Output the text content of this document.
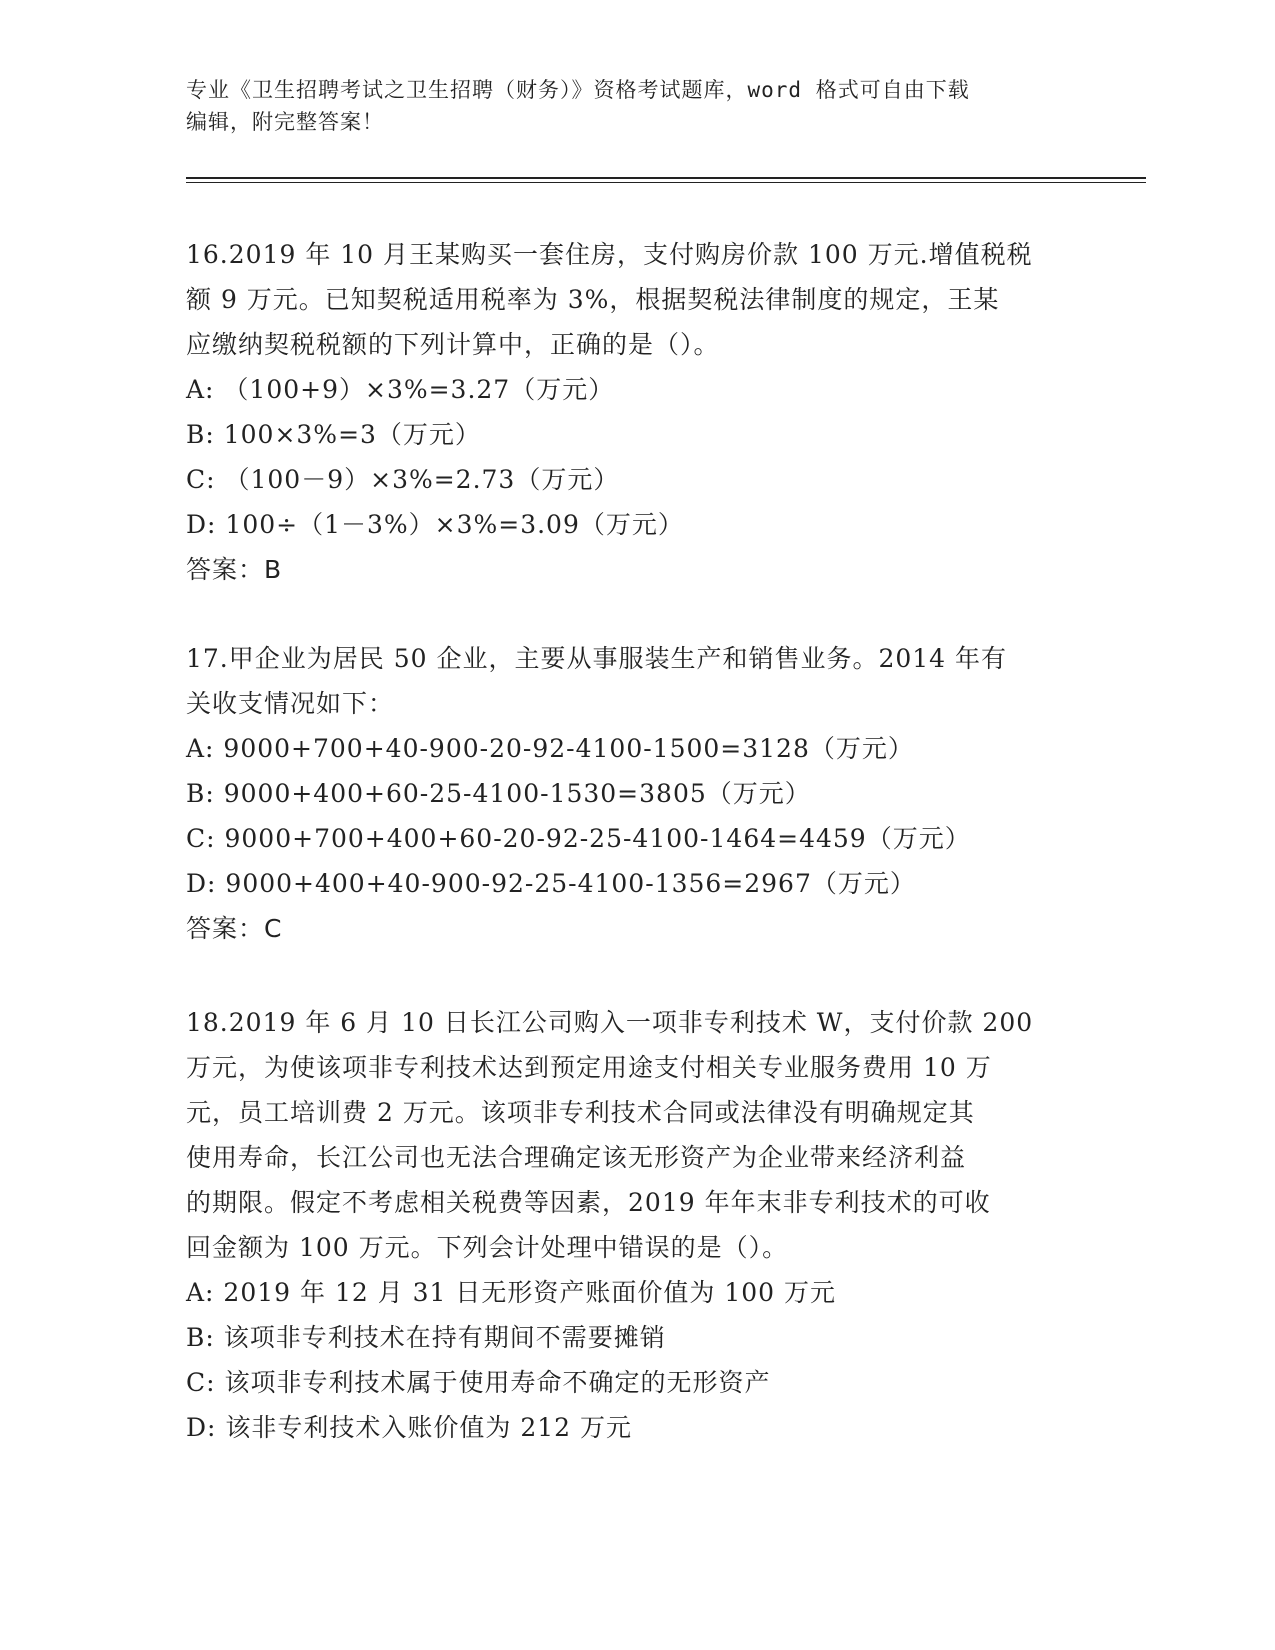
专业《卫生招聘考试之卫生招聘（财务）》资格考试题库，word 格式可自由下载
编辑，附完整答案！

16.2019 年 10 月王某购买一套住房，支付购房价款 100 万元.增值税税

额 9 万元。已知契税适用税率为 3%，根据契税法律制度的规定，王某

应缴纳契税税额的下列计算中，正确的是（）。

A: （100+9）×3%=3.27（万元）

B: 100×3%=3（万元）

C: （100－9）×3%=2.73（万元）

D: 100÷（1－3%）×3%=3.09（万元）

答案：B

17.甲企业为居民 50 企业，主要从事服装生产和销售业务。2014 年有

关收支情况如下：

A: 9000+700+40-900-20-92-4100-1500=3128（万元）

B: 9000+400+60-25-4100-1530=3805（万元）

C: 9000+700+400+60-20-92-25-4100-1464=4459（万元）

D: 9000+400+40-900-92-25-4100-1356=2967（万元）

答案：C

18.2019 年 6 月 10 日长江公司购入一项非专利技术 W，支付价款 200

万元，为使该项非专利技术达到预定用途支付相关专业服务费用 10 万

元，员工培训费 2 万元。该项非专利技术合同或法律没有明确规定其

使用寿命，长江公司也无法合理确定该无形资产为企业带来经济利益

的期限。假定不考虑相关税费等因素，2019 年年末非专利技术的可收

回金额为 100 万元。下列会计处理中错误的是（）。

A: 2019 年 12 月 31 日无形资产账面价值为 100 万元

B: 该项非专利技术在持有期间不需要摊销

C: 该项非专利技术属于使用寿命不确定的无形资产

D: 该非专利技术入账价值为 212 万元
